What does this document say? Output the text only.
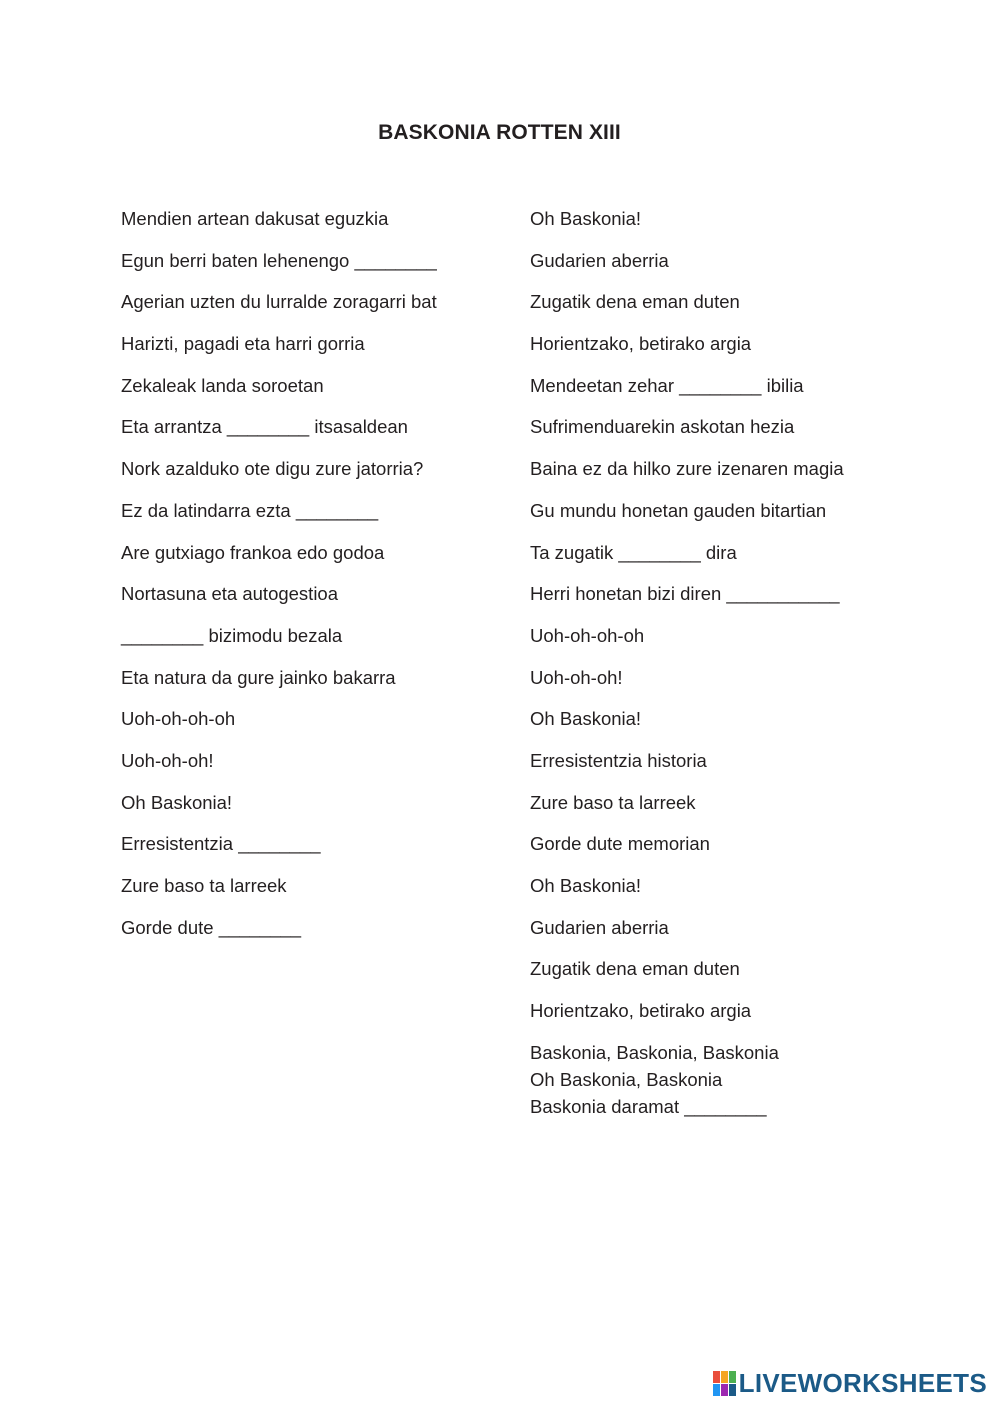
BASKONIA ROTTEN XIII
Mendien artean dakusat eguzkia
Egun berri baten lehenengo ________
Agerian uzten du lurralde zoragarri bat
Harizti, pagadi eta harri gorria
Zekaleak landa soroetan
Eta arrantza ________ itsasaldean
Nork azalduko ote digu zure jatorria?
Ez da latindarra ezta ________
Are gutxiago frankoa edo godoa
Nortasuna eta autogestioa
________ bizimodu bezala
Eta natura da gure jainko bakarra
Uoh-oh-oh-oh
Uoh-oh-oh!
Oh Baskonia!
Erresistentzia ________
Zure baso ta larreek
Gorde dute ________
Oh Baskonia!
Gudarien aberria
Zugatik dena eman duten
Horientzako, betirako argia
Mendeetan zehar ________ ibilia
Sufrimenduarekin askotan hezia
Baina ez da hilko zure izenaren magia
Gu mundu honetan gauden bitartian
Ta zugatik ________ dira
Herri honetan bizi diren ___________
Uoh-oh-oh-oh
Uoh-oh-oh!
Oh Baskonia!
Erresistentzia historia
Zure baso ta larreek
Gorde dute memorian
Oh Baskonia!
Gudarien aberria
Zugatik dena eman duten
Horientzako, betirako argia
Baskonia, Baskonia, Baskonia
Oh Baskonia, Baskonia
Baskonia daramat ________
LIVEWORKSHEETS
